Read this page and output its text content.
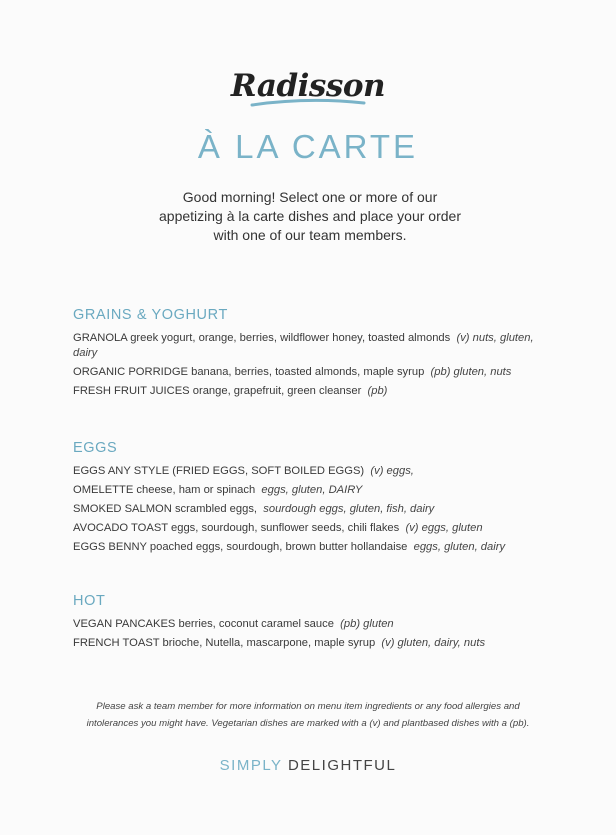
Radisson
À LA CARTE
Good morning! Select one or more of our appetizing à la carte dishes and place your order with one of our team members.
GRAINS & YOGHURT
GRANOLA greek yogurt, orange, berries, wildflower honey, toasted almonds (v) nuts, gluten, dairy
ORGANIC PORRIDGE banana, berries, toasted almonds, maple syrup (pb) gluten, nuts
FRESH FRUIT JUICES orange, grapefruit, green cleanser (pb)
EGGS
EGGS ANY STYLE (FRIED EGGS, SOFT BOILED EGGS) (v) eggs,
OMELETTE cheese, ham or spinach eggs, gluten, DAIRY
SMOKED SALMON scrambled eggs, sourdough eggs, gluten, fish, dairy
AVOCADO TOAST eggs, sourdough, sunflower seeds, chili flakes (v) eggs, gluten
EGGS BENNY poached eggs, sourdough, brown butter hollandaise eggs, gluten, dairy
HOT
VEGAN PANCAKES berries, coconut caramel sauce (pb) gluten
FRENCH TOAST brioche, Nutella, mascarpone, maple syrup (v) gluten, dairy, nuts
Please ask a team member for more information on menu item ingredients or any food allergies and intolerances you might have. Vegetarian dishes are marked with a (v) and plantbased dishes with a (pb).
SIMPLY DELIGHTFUL
